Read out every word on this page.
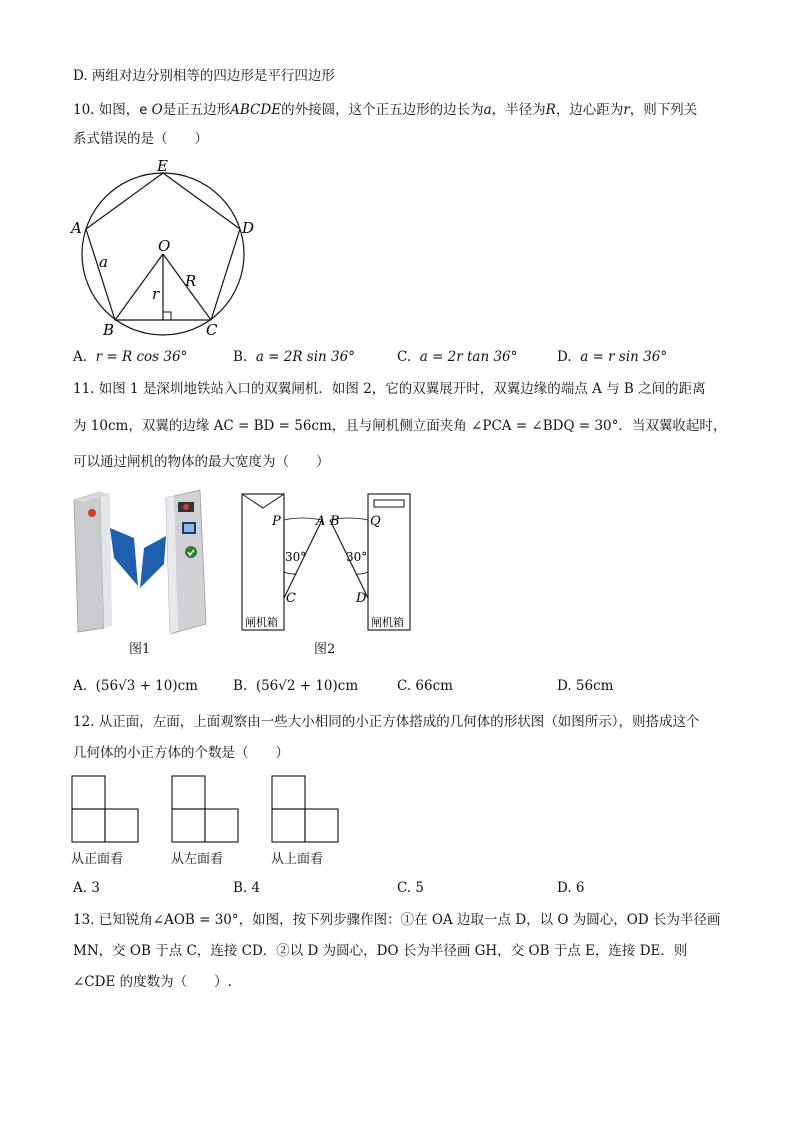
D. 两组对边分别相等的四边形是平行四边形
10. 如图，e O是正五边形ABCDE的外接圆，这个正五边形的边长为a，半径为R，边心距为r，则下列关
系式错误的是（　　）
E
A	D
O
a
R
r
B	C
A. r = R cos 36°	B. a = 2R sin 36°	C. a = 2r tan 36°	D. a = r sin 36°
11. 如图 1 是深圳地铁站入口的双翼闸机．如图 2，它的双翼展开时，双翼边缘的端点 A 与 B 之间的距离
为 10cm，双翼的边缘 AC = BD = 56cm，且与闸机侧立面夹角 ∠PCA = ∠BDQ = 30°．当双翼收起时，
可以通过闸机的物体的最大宽度为（　　）
图1
P	A B Q
30°	30°
C	D
闸机箱	闸机箱
图2
A. (56√3 + 10)cm	B. (56√2 + 10)cm	C. 66cm	D. 56cm
12. 从正面，左面，上面观察由一些大小相同的小正方体搭成的几何体的形状图（如图所示），则搭成这个
几何体的小正方体的个数是（　　）
从正面看	从左面看	从上面看
A. 3	B. 4	C. 5	D. 6
13. 已知锐角∠AOB = 30°，如图，按下列步骤作图：①在 OA 边取一点 D，以 O 为圆心，OD 长为半径画
MN，交 OB 于点 C，连接 CD．②以 D 为圆心，DO 长为半径画 GH，交 OB 于点 E，连接 DE．则
∠CDE 的度数为（　　）.
